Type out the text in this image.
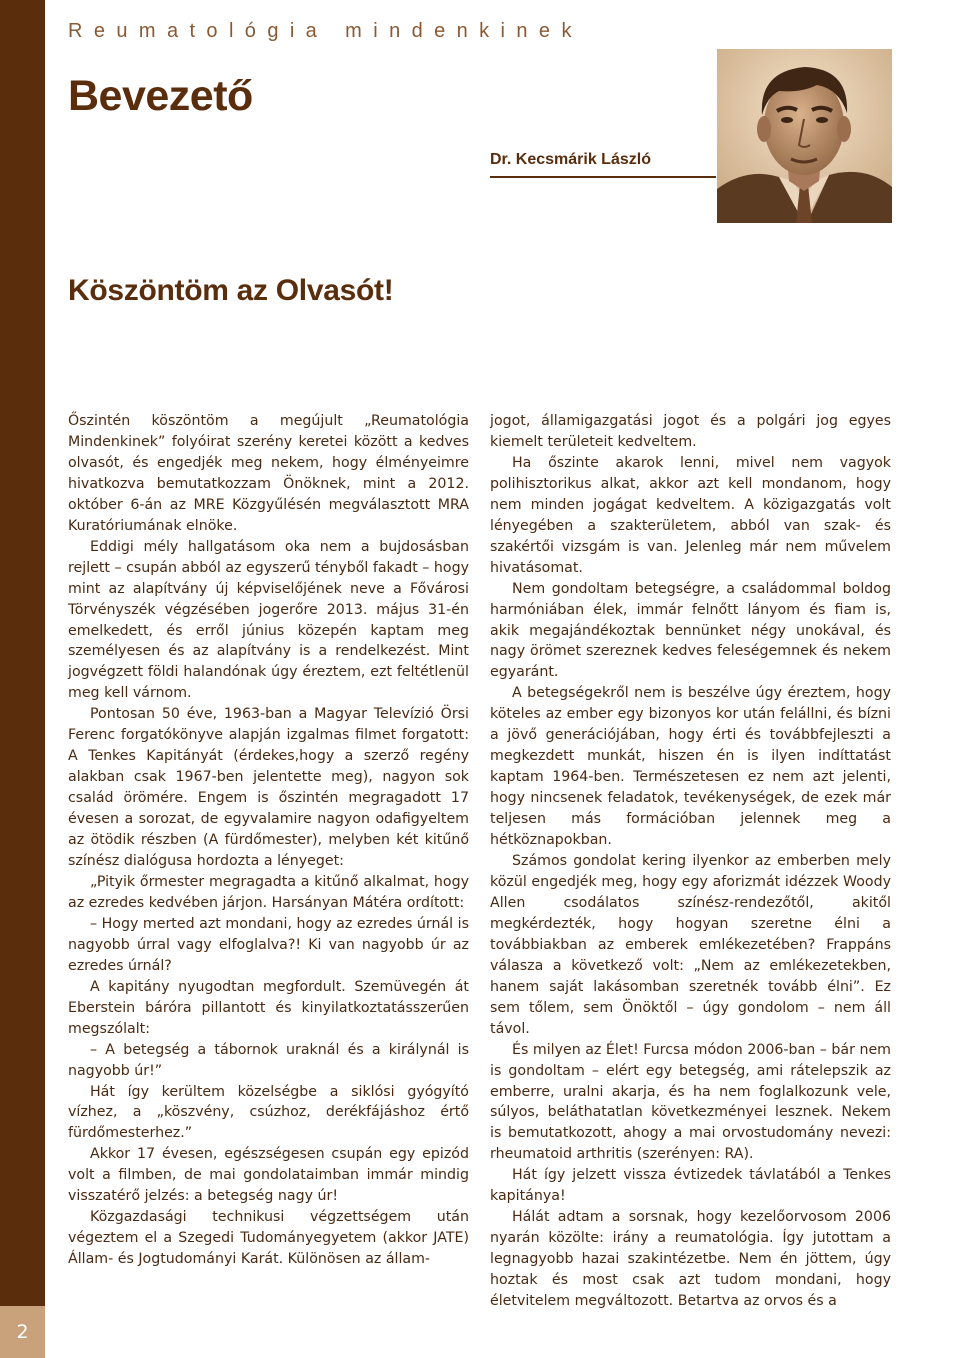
2
Reumatológia mindenkinek
Bevezető
Dr. Kecsmárik László
Köszöntöm az Olvasót!

Őszintén köszöntöm a megújult „Reumatológia Mindenkinek” folyóirat szerény keretei között a kedves olvasót, és engedjék meg nekem, hogy élményeimre hivatkozva bemutatkozzam Önöknek, mint a 2012. október 6-án az MRE Közgyűlésén megválasztott MRA Kuratóriumának elnöke.

Eddigi mély hallgatásom oka nem a bujdosásban rejlett – csupán abból az egyszerű tényből fakadt – hogy mint az alapítvány új képviselőjének neve a Fővárosi Törvényszék végzésében jogerőre 2013. május 31-én emelkedett, és erről június közepén kaptam meg személyesen és az alapítvány is a rendelkezést. Mint jogvégzett földi halandónak úgy éreztem, ezt feltétlenül meg kell várnom.

Pontosan 50 éve, 1963-ban a Magyar Televízió Örsi Ferenc forgatókönyve alapján izgalmas filmet forgatott: A Tenkes Kapitányát (érdekes,hogy a szerző regény alakban csak 1967-ben jelentette meg), nagyon sok család örömére. Engem is őszintén megragadott 17 évesen a sorozat, de egyvalamire nagyon odafigyeltem az ötödik részben (A fürdőmester), melyben két kitűnő színész dialógusa hordozta a lényeget:

„Pityik őrmester megragadta a kitűnő alkalmat, hogy az ezredes kedvében járjon. Harsányan Mátéra ordított:

– Hogy merted azt mondani, hogy az ezredes úrnál is nagyobb úrral vagy elfoglalva?! Ki van nagyobb úr az ezredes úrnál?

A kapitány nyugodtan megfordult. Szemüvegén át Eberstein báróra pillantott és kinyilatkoztatásszerűen megszólalt:

– A betegség a tábornok uraknál és a királynál is nagyobb úr!”

Hát így kerültem közelségbe a siklósi gyógyító vízhez, a „köszvény, csúzhoz, derékfájáshoz értő fürdőmesterhez.”

Akkor 17 évesen, egészségesen csupán egy epizód volt a filmben, de mai gondolataimban immár mindig visszatérő jelzés: a betegség nagy úr!

Közgazdasági technikusi végzettségem után végeztem el a Szegedi Tudományegyetem (akkor JATE) Állam- és Jogtudományi Karát. Különösen az állam-

jogot, államigazgatási jogot és a polgári jog egyes kiemelt területeit kedveltem.

Ha őszinte akarok lenni, mivel nem vagyok polihisztorikus alkat, akkor azt kell mondanom, hogy nem minden jogágat kedveltem. A közigazgatás volt lényegében a szakterületem, abból van szak- és szakértői vizsgám is van. Jelenleg már nem művelem hivatásomat.

Nem gondoltam betegségre, a családommal boldog harmóniában élek, immár felnőtt lányom és fiam is, akik megajándékoztak bennünket négy unokával, és nagy örömet szereznek kedves feleségemnek és nekem egyaránt.

A betegségekről nem is beszélve úgy éreztem, hogy köteles az ember egy bizonyos kor után felállni, és bízni a jövő generációjában, hogy érti és továbbfejleszti a megkezdett munkát, hiszen én is ilyen indíttatást kaptam 1964-ben. Természetesen ez nem azt jelenti, hogy nincsenek feladatok, tevékenységek, de ezek már teljesen más formációban jelennek meg a hétköznapokban.

Számos gondolat kering ilyenkor az emberben mely közül engedjék meg, hogy egy aforizmát idézzek Woody Allen csodálatos színész-rendezőtől, akitől megkérdezték, hogy hogyan szeretne élni a továbbiakban az emberek emlékezetében? Frappáns válasza a következő volt: „Nem az emlékezetekben, hanem saját lakásomban szeretnék tovább élni”. Ez sem tőlem, sem Önöktől – úgy gondolom – nem áll távol.

És milyen az Élet! Furcsa módon 2006-ban – bár nem is gondoltam – elért egy betegség, ami rátelepszik az emberre, uralni akarja, és ha nem foglalkozunk vele, súlyos, beláthatatlan következményei lesznek. Nekem is bemutatkozott, ahogy a mai orvostudomány nevezi: rheumatoid arthritis (szerényen: RA).

Hát így jelzett vissza évtizedek távlatából a Tenkes kapitánya!

Hálát adtam a sorsnak, hogy kezelőorvosom 2006 nyarán közölte: irány a reumatológia. Így jutottam a legnagyobb hazai szakintézetbe. Nem én jöttem, úgy hoztak és most csak azt tudom mondani, hogy életvitelem megváltozott. Betartva az orvos és a
